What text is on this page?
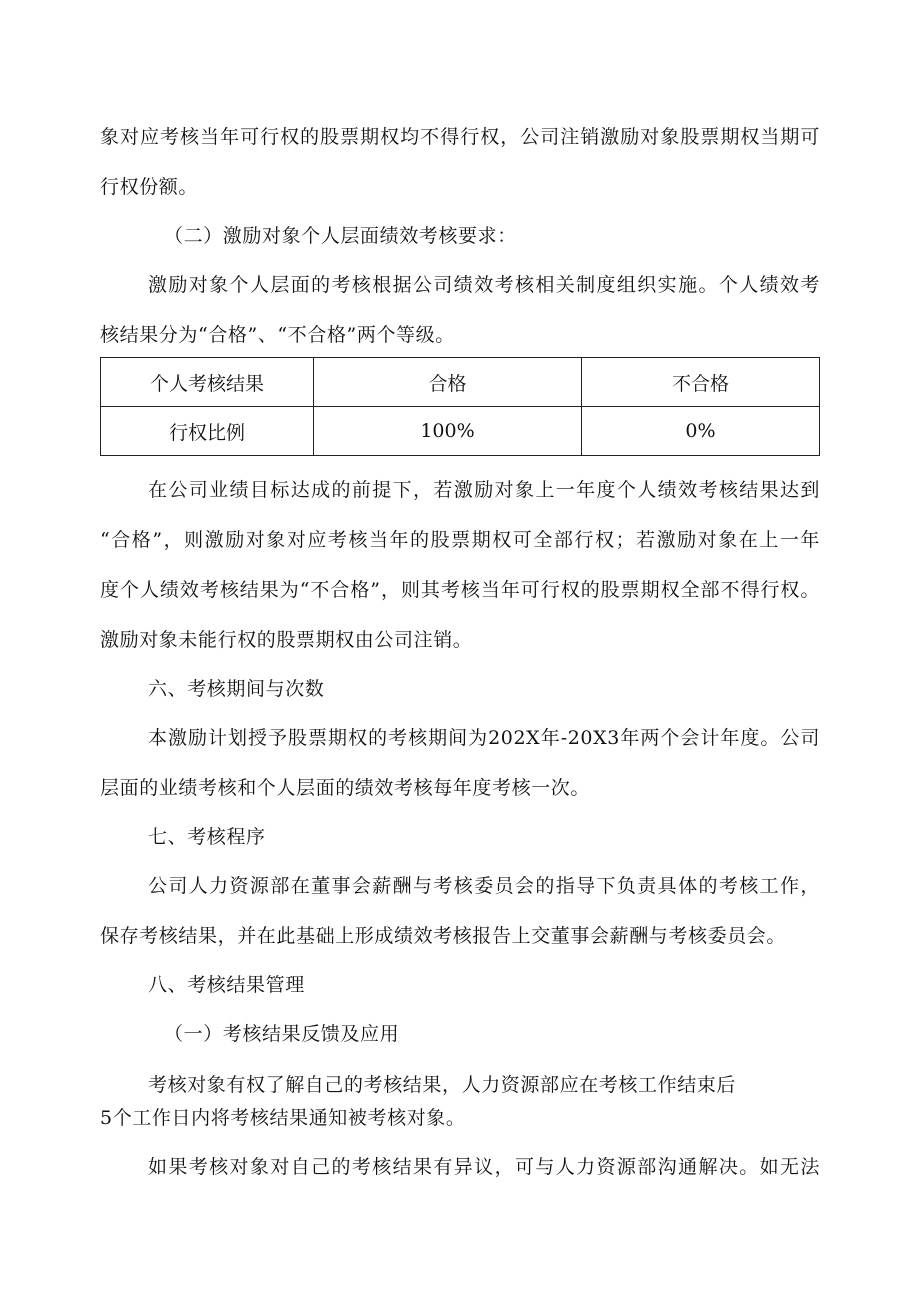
象对应考核当年可行权的股票期权均不得行权，公司注销激励对象股票期权当期可
行权份额。
（二）激励对象个人层面绩效考核要求：
激励对象个人层面的考核根据公司绩效考核相关制度组织实施。个人绩效考
核结果分为“合格”、“不合格”两个等级。
个人考核结果	合格	不合格
行权比例	100%	0%
在公司业绩目标达成的前提下，若激励对象上一年度个人绩效考核结果达到
“合格”，则激励对象对应考核当年的股票期权可全部行权；若激励对象在上一年
度个人绩效考核结果为“不合格”，则其考核当年可行权的股票期权全部不得行权。
激励对象未能行权的股票期权由公司注销。
六、考核期间与次数
本激励计划授予股票期权的考核期间为202X年-20X3年两个会计年度。公司
层面的业绩考核和个人层面的绩效考核每年度考核一次。
七、考核程序
公司人力资源部在董事会薪酬与考核委员会的指导下负责具体的考核工作，
保存考核结果，并在此基础上形成绩效考核报告上交董事会薪酬与考核委员会。
八、考核结果管理
（一）考核结果反馈及应用
考核对象有权了解自己的考核结果，人力资源部应在考核工作结束后
5个工作日内将考核结果通知被考核对象。
如果考核对象对自己的考核结果有异议，可与人力资源部沟通解决。如无法
